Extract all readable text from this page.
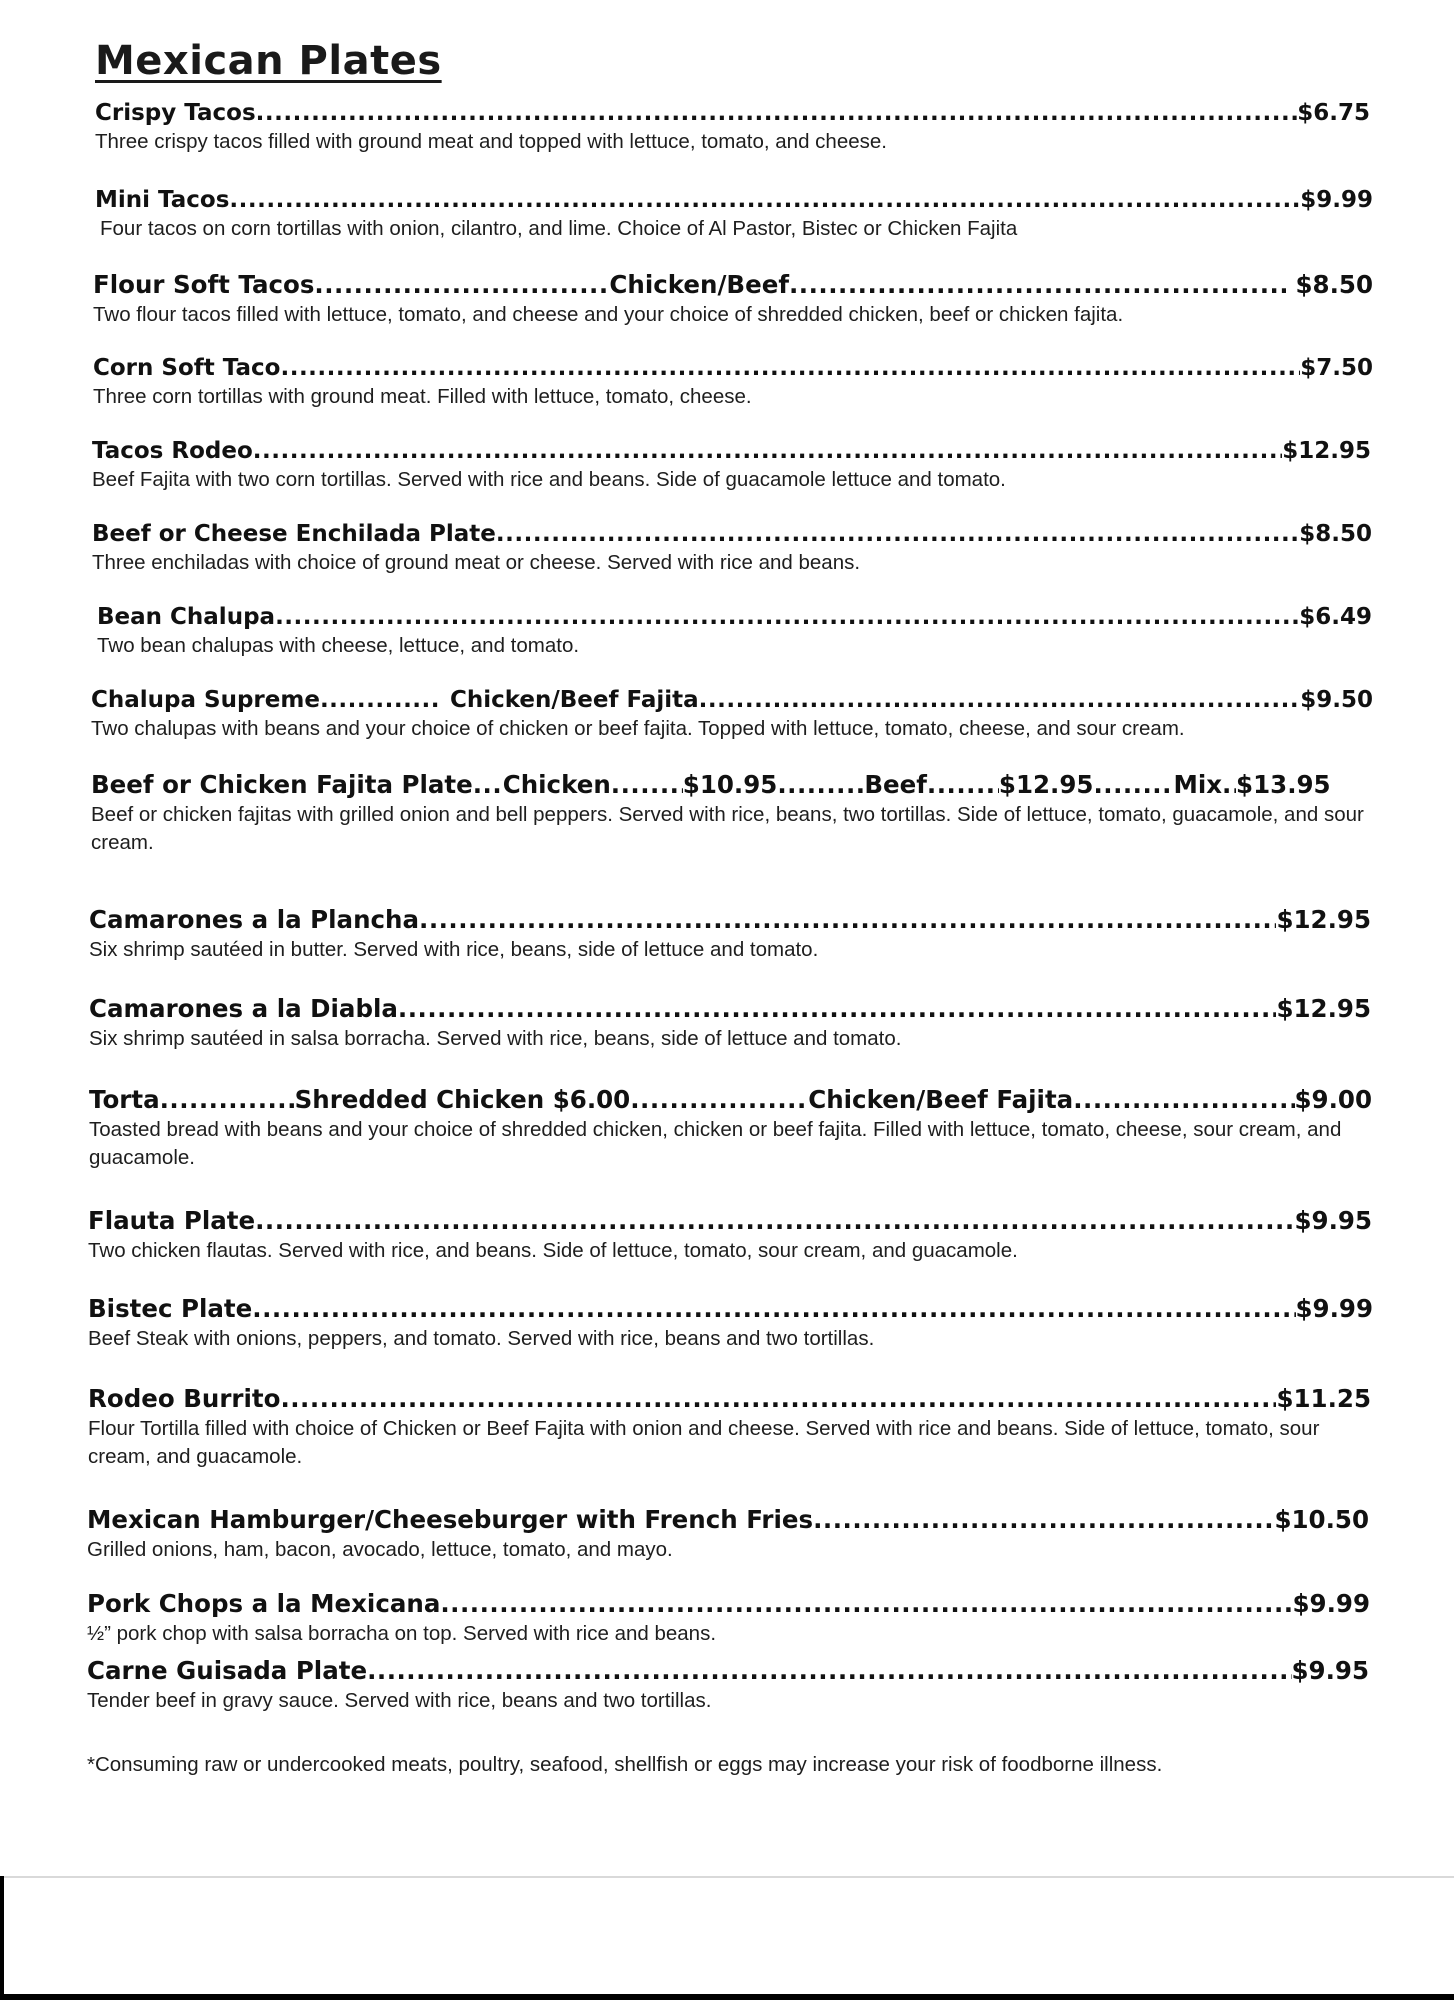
Mexican Plates
Crispy Tacos .....	$6.75
Three crispy tacos filled with ground meat and topped with lettuce, tomato, and cheese.
Mini Tacos .....	$9.99
Four tacos on corn tortillas with onion, cilantro, and lime. Choice of Al Pastor, Bistec or Chicken Fajita
Flour Soft Tacos .....	Chicken/Beef .....	$8.50
Two flour tacos filled with lettuce, tomato, and cheese and your choice of shredded chicken, beef or chicken fajita.
Corn Soft Taco .....	$7.50
Three corn tortillas with ground meat. Filled with lettuce, tomato, cheese.
Tacos Rodeo .....	$12.95
Beef Fajita with two corn tortillas. Served with rice and beans. Side of guacamole lettuce and tomato.
Beef or Cheese Enchilada Plate .....	$8.50
Three enchiladas with choice of ground meat or cheese. Served with rice and beans.
Bean Chalupa .....	$6.49
Two bean chalupas with cheese, lettuce, and tomato.
Chalupa Supreme .....	Chicken/Beef Fajita .....	$9.50
Two chalupas with beans and your choice of chicken or beef fajita. Topped with lettuce, tomato, cheese, and sour cream.
Beef or Chicken Fajita Plate ..... Chicken .....	$10.95 .....	Beef .....	$12.95 .....	Mix ..... $13.95
Beef or chicken fajitas with grilled onion and bell peppers. Served with rice, beans, two tortillas. Side of lettuce, tomato, guacamole, and sour cream.
Camarones a la Plancha .....	$12.95
Six shrimp sautéed in butter. Served with rice, beans, side of lettuce and tomato.
Camarones a la Diabla .....	$12.95
Six shrimp sautéed in salsa borracha. Served with rice, beans, side of lettuce and tomato.
Torta .....	Shredded Chicken $6.00 .....	Chicken/Beef Fajita .....	$9.00
Toasted bread with beans and your choice of shredded chicken, chicken or beef fajita. Filled with lettuce, tomato, cheese, sour cream, and guacamole.
Flauta Plate .....	$9.95
Two chicken flautas. Served with rice, and beans. Side of lettuce, tomato, sour cream, and guacamole.
Bistec Plate .....	$9.99
Beef Steak with onions, peppers, and tomato. Served with rice, beans and two tortillas.
Rodeo Burrito .....	$11.25
Flour Tortilla filled with choice of Chicken or Beef Fajita with onion and cheese. Served with rice and beans. Side of lettuce, tomato, sour cream, and guacamole.
Mexican Hamburger/Cheeseburger with French Fries .....	$10.50
Grilled onions, ham, bacon, avocado, lettuce, tomato, and mayo.
Pork Chops a la Mexicana .....	$9.99
½” pork chop with salsa borracha on top. Served with rice and beans.
Carne Guisada Plate .....	$9.95
Tender beef in gravy sauce. Served with rice, beans and two tortillas.
*Consuming raw or undercooked meats, poultry, seafood, shellfish or eggs may increase your risk of foodborne illness.
